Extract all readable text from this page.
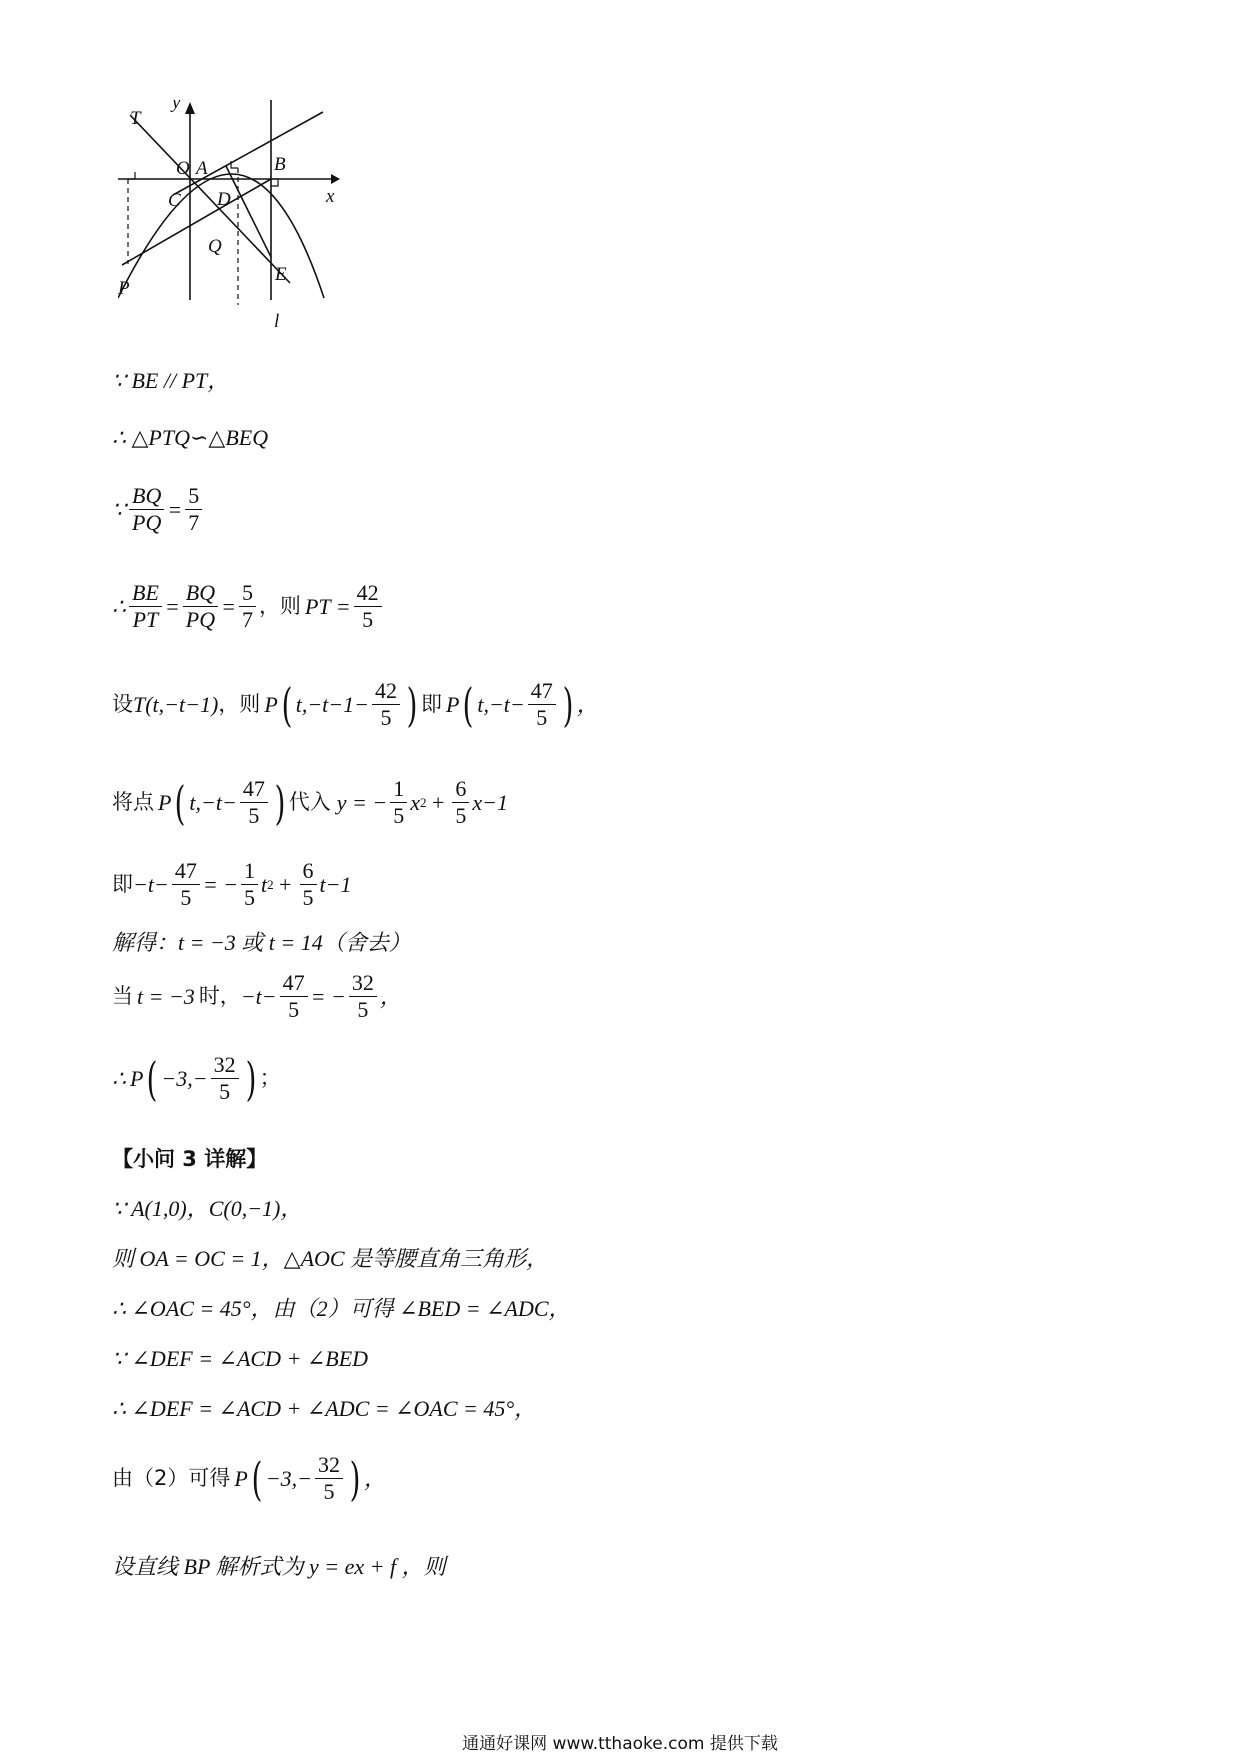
T
y
O A	B
C D	x
Q
E
P
l
∵ BE // PT，
∴ △PTQ∽△BEQ
∵ $\frac{BQ}{PQ} = \frac{5}{7}$
∴ $\frac{BE}{PT} = \frac{BQ}{PQ} = \frac{5}{7}$ ，则 PT = $\frac{42}{5}$
设 T(t,−t−1) ，则 P ( $t,-t-1- \frac{42}{5}$ ) 即 P ( $t,-t- \frac{47}{5}$ ) ，
将点 P ( $t,-t- \frac{47}{5}$ ) 代入 y = − $\frac{1}{5}$ x $2 + \frac{6}{5} x-1$
即 $-t- \frac{47}{5}$ = − $\frac{1}{5}$ t $2 + \frac{6}{5} t-1$
解得：t = −3 或 t = 14（舍去）
当 t = −3 时， $-t- \frac{47}{5}$ = − $\frac{32}{5}$ ，
∴ P ( $-3,- \frac{32}{5}$ ) ；
【小问 3 详解】
∵ A(1,0)，C(0,−1)，
则 OA = OC = 1，△AOC 是等腰直角三角形，
∴ ∠OAC = 45°，由（2）可得 ∠BED = ∠ADC，
∵ ∠DEF = ∠ACD + ∠BED
∴ ∠DEF = ∠ACD + ∠ADC = ∠OAC = 45°，
由（2）可得 P ( $-3,- \frac{32}{5}$ ) ，
设直线 BP 解析式为 y = ex + f ，则
通通好课网 www.tthaoke.com 提供下载
